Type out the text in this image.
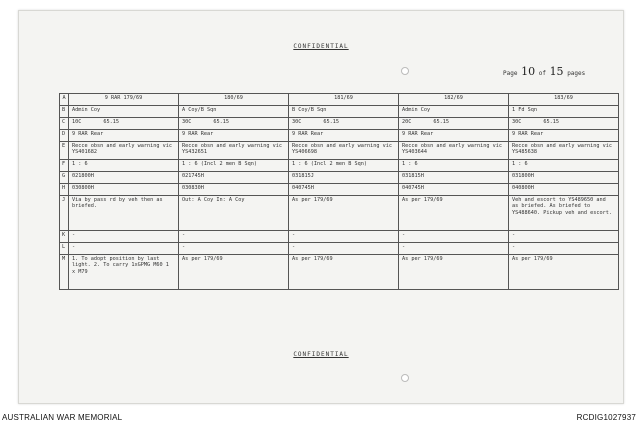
CONFIDENTIAL
Page 10 of 15 pages
A	9 RAR 179/69	180/69	181/69	182/69	183/69
B	Admin Coy	A Coy/B Sqn	B Coy/B Sqn	Admin Coy	1 Fd Sqn
C	10C 65.15	30C 65.15	30C 65.15	20C 65.15	30C 65.15
D	9 RAR Rear	9 RAR Rear	9 RAR Rear	9 RAR Rear	9 RAR Rear
E	Recce obsn and early warning vic YS401682	Recce obsn and early warning vic YS432651	Recce obsn and early warning vic YS406698	Recce obsn and early warning vic YS403644	Recce obsn and early warning vic YS485638
F	1 : 6	1 : 6 (Incl 2 men B Sqn)	1 : 6 (Incl 2 men B Sqn)	1 : 6	1 : 6
G	021800H	021745H	031815J	031815H	031800H
H	030800H	030830H	040745H	040745H	040800H
J	Via by pass rd by veh then as briefed.	Out: A Coy In: A Coy	As per 179/69	As per 179/69	Veh and escort to YS489650 and as briefed. As briefed to YS488640. Pickup veh and escort.
K	-	-	-	-	-
L	-	-	-	-	-
M	1. To adopt position by last light. 2. To carry 1xGPMG M60 1 x M79	As per 179/69	As per 179/69	As per 179/69	As per 179/69
CONFIDENTIAL
AUSTRALIAN WAR MEMORIAL	RCDIG1027937
